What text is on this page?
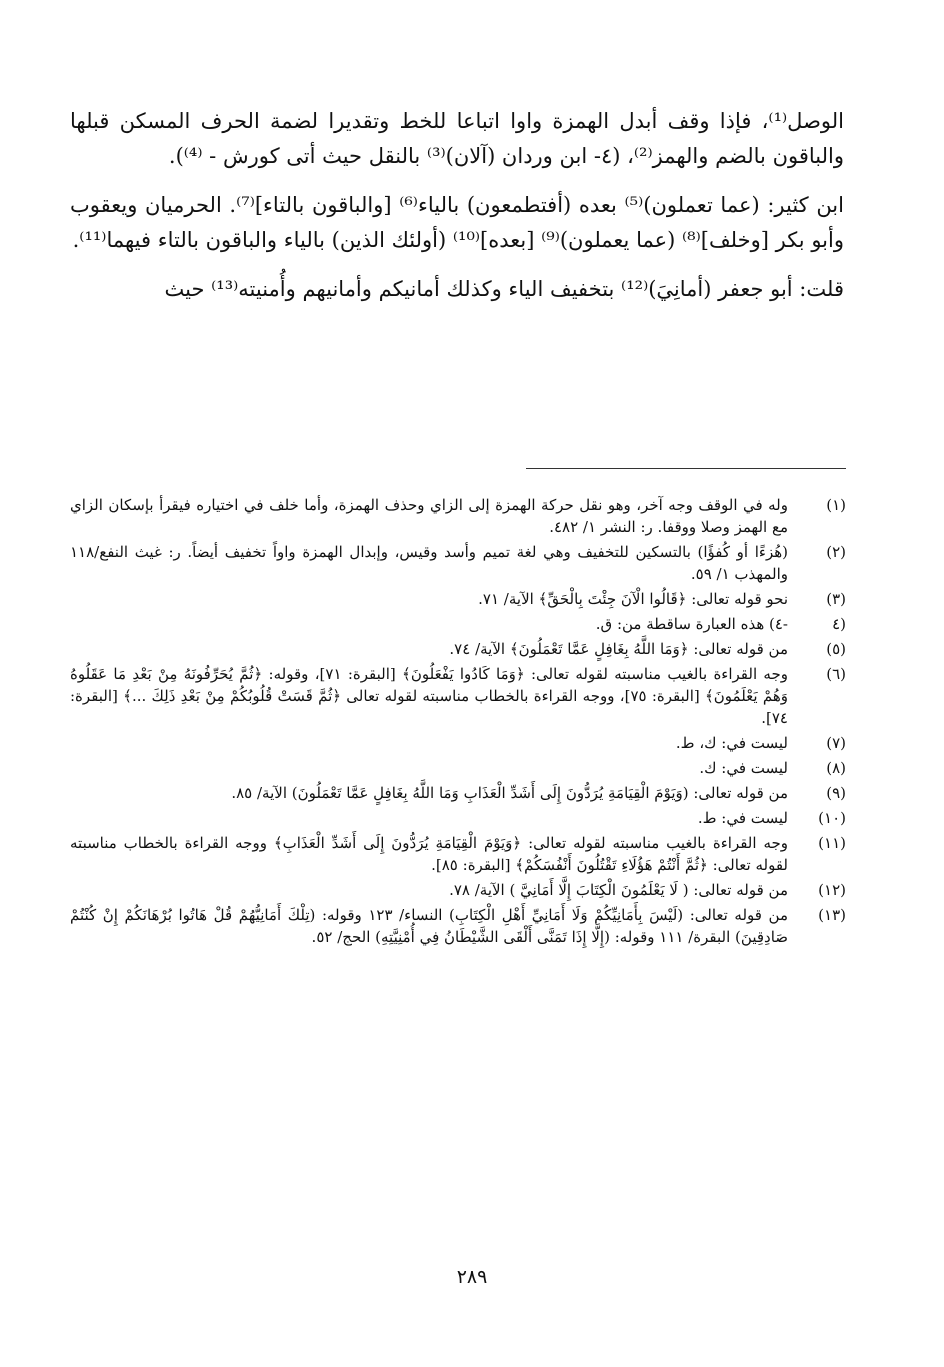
الوصل⁽¹⁾، فإذا وقف أبدل الهمزة واوا اتباعا للخط وتقديرا لضمة الحرف المسكن قبلها والباقون بالضم والهمز⁽²⁾، (٤- ابن وردان (آلان)⁽³⁾ بالنقل حيث أتى كورش - ⁽⁴⁾).

ابن كثير: (عما تعملون)⁽⁵⁾ بعده (أفتطمعون) بالياء⁽⁶⁾ [والباقون بالتاء]⁽⁷⁾. الحرميان ويعقوب وأبو بكر [وخلف]⁽⁸⁾ (عما يعملون)⁽⁹⁾ [بعده]⁽¹⁰⁾ (أولئك الذين) بالياء والباقون بالتاء فيهما⁽¹¹⁾.

قلت: أبو جعفر (أمانِيَ)⁽¹²⁾ بتخفيف الياء وكذلك أمانيكم وأمانيهم وأُمنيته⁽¹³⁾ حيث

(١)
وله في الوقف وجه آخر، وهو نقل حركة الهمزة إلى الزاي وحذف الهمزة، وأما خلف في اختياره فيقرأ بإسكان الزاي مع الهمز وصلا ووقفا. ر: النشر ١/ ٤٨٢.
(٢)
(هُزءًا أو كُفؤًا) بالتسكين للتخفيف وهي لغة تميم وأسد وقيس، وإبدال الهمزة واواً تخفيف أيضاً. ر: غيث النفع/١١٨ والمهذب ١/ ٥٩.
(٣)
نحو قوله تعالى: ﴿قَالُوا الْآنَ جِئْتَ بِالْحَقِّ﴾ الآية/ ٧١.
(٤
-٤) هذه العبارة ساقطة من: ق.
(٥)
من قوله تعالى: ﴿وَمَا اللَّهُ بِغَافِلٍ عَمَّا تَعْمَلُونَ﴾ الآية/ ٧٤.
(٦)
وجه القراءة بالغيب مناسبته لقوله تعالى: ﴿وَمَا كَادُوا يَفْعَلُونَ﴾ [البقرة: ٧١]، وقوله: ﴿ثُمَّ يُحَرِّفُونَهُ مِنْ بَعْدِ مَا عَقَلُوهُ وَهُمْ يَعْلَمُونَ﴾ [البقرة: ٧٥]، ووجه القراءة بالخطاب مناسبته لقوله تعالى ﴿ثُمَّ قَسَتْ قُلُوبُكُمْ مِنْ بَعْدِ ذَلِكَ ...﴾ [البقرة: ٧٤].
(٧)
ليست في: ك، ط.
(٨)
ليست في: ك.
(٩)
من قوله تعالى: (وَيَوْمَ الْقِيَامَةِ يُرَدُّونَ إِلَى أَشَدِّ الْعَذَابِ وَمَا اللَّهُ بِغَافِلٍ عَمَّا تَعْمَلُونَ) الآية/ ٨٥.
(١٠)
ليست في: ط.
(١١)
وجه القراءة بالغيب مناسبته لقوله تعالى: ﴿وَيَوْمَ الْقِيَامَةِ يُرَدُّونَ إِلَى أَشَدِّ الْعَذَابِ﴾ ووجه القراءة بالخطاب مناسبته لقوله تعالى: ﴿ثُمَّ أَنْتُمْ هَؤُلَاءِ تَقْتُلُونَ أَنْفُسَكُمْ﴾ [البقرة: ٨٥].
(١٢)
من قوله تعالى: ( لَا يَعْلَمُونَ الْكِتَابَ إِلَّا أَمَانِيَّ ) الآية/ ٧٨.
(١٣)
من قوله تعالى: (لَيْسَ بِأَمَانِيِّكُمْ وَلَا أَمَانِيِّ أَهْلِ الْكِتَابِ) النساء/ ١٢٣ وقوله: (تِلْكَ أَمَانِيُّهُمْ قُلْ هَاتُوا بُرْهَانَكُمْ إِنْ كُنْتُمْ صَادِقِينَ) البقرة/ ١١١ وقوله: (إِلَّا إِذَا تَمَنَّى أَلْقَى الشَّيْطَانُ فِي أُمْنِيَّتِهِ) الحج/ ٥٢.
٢٨٩
